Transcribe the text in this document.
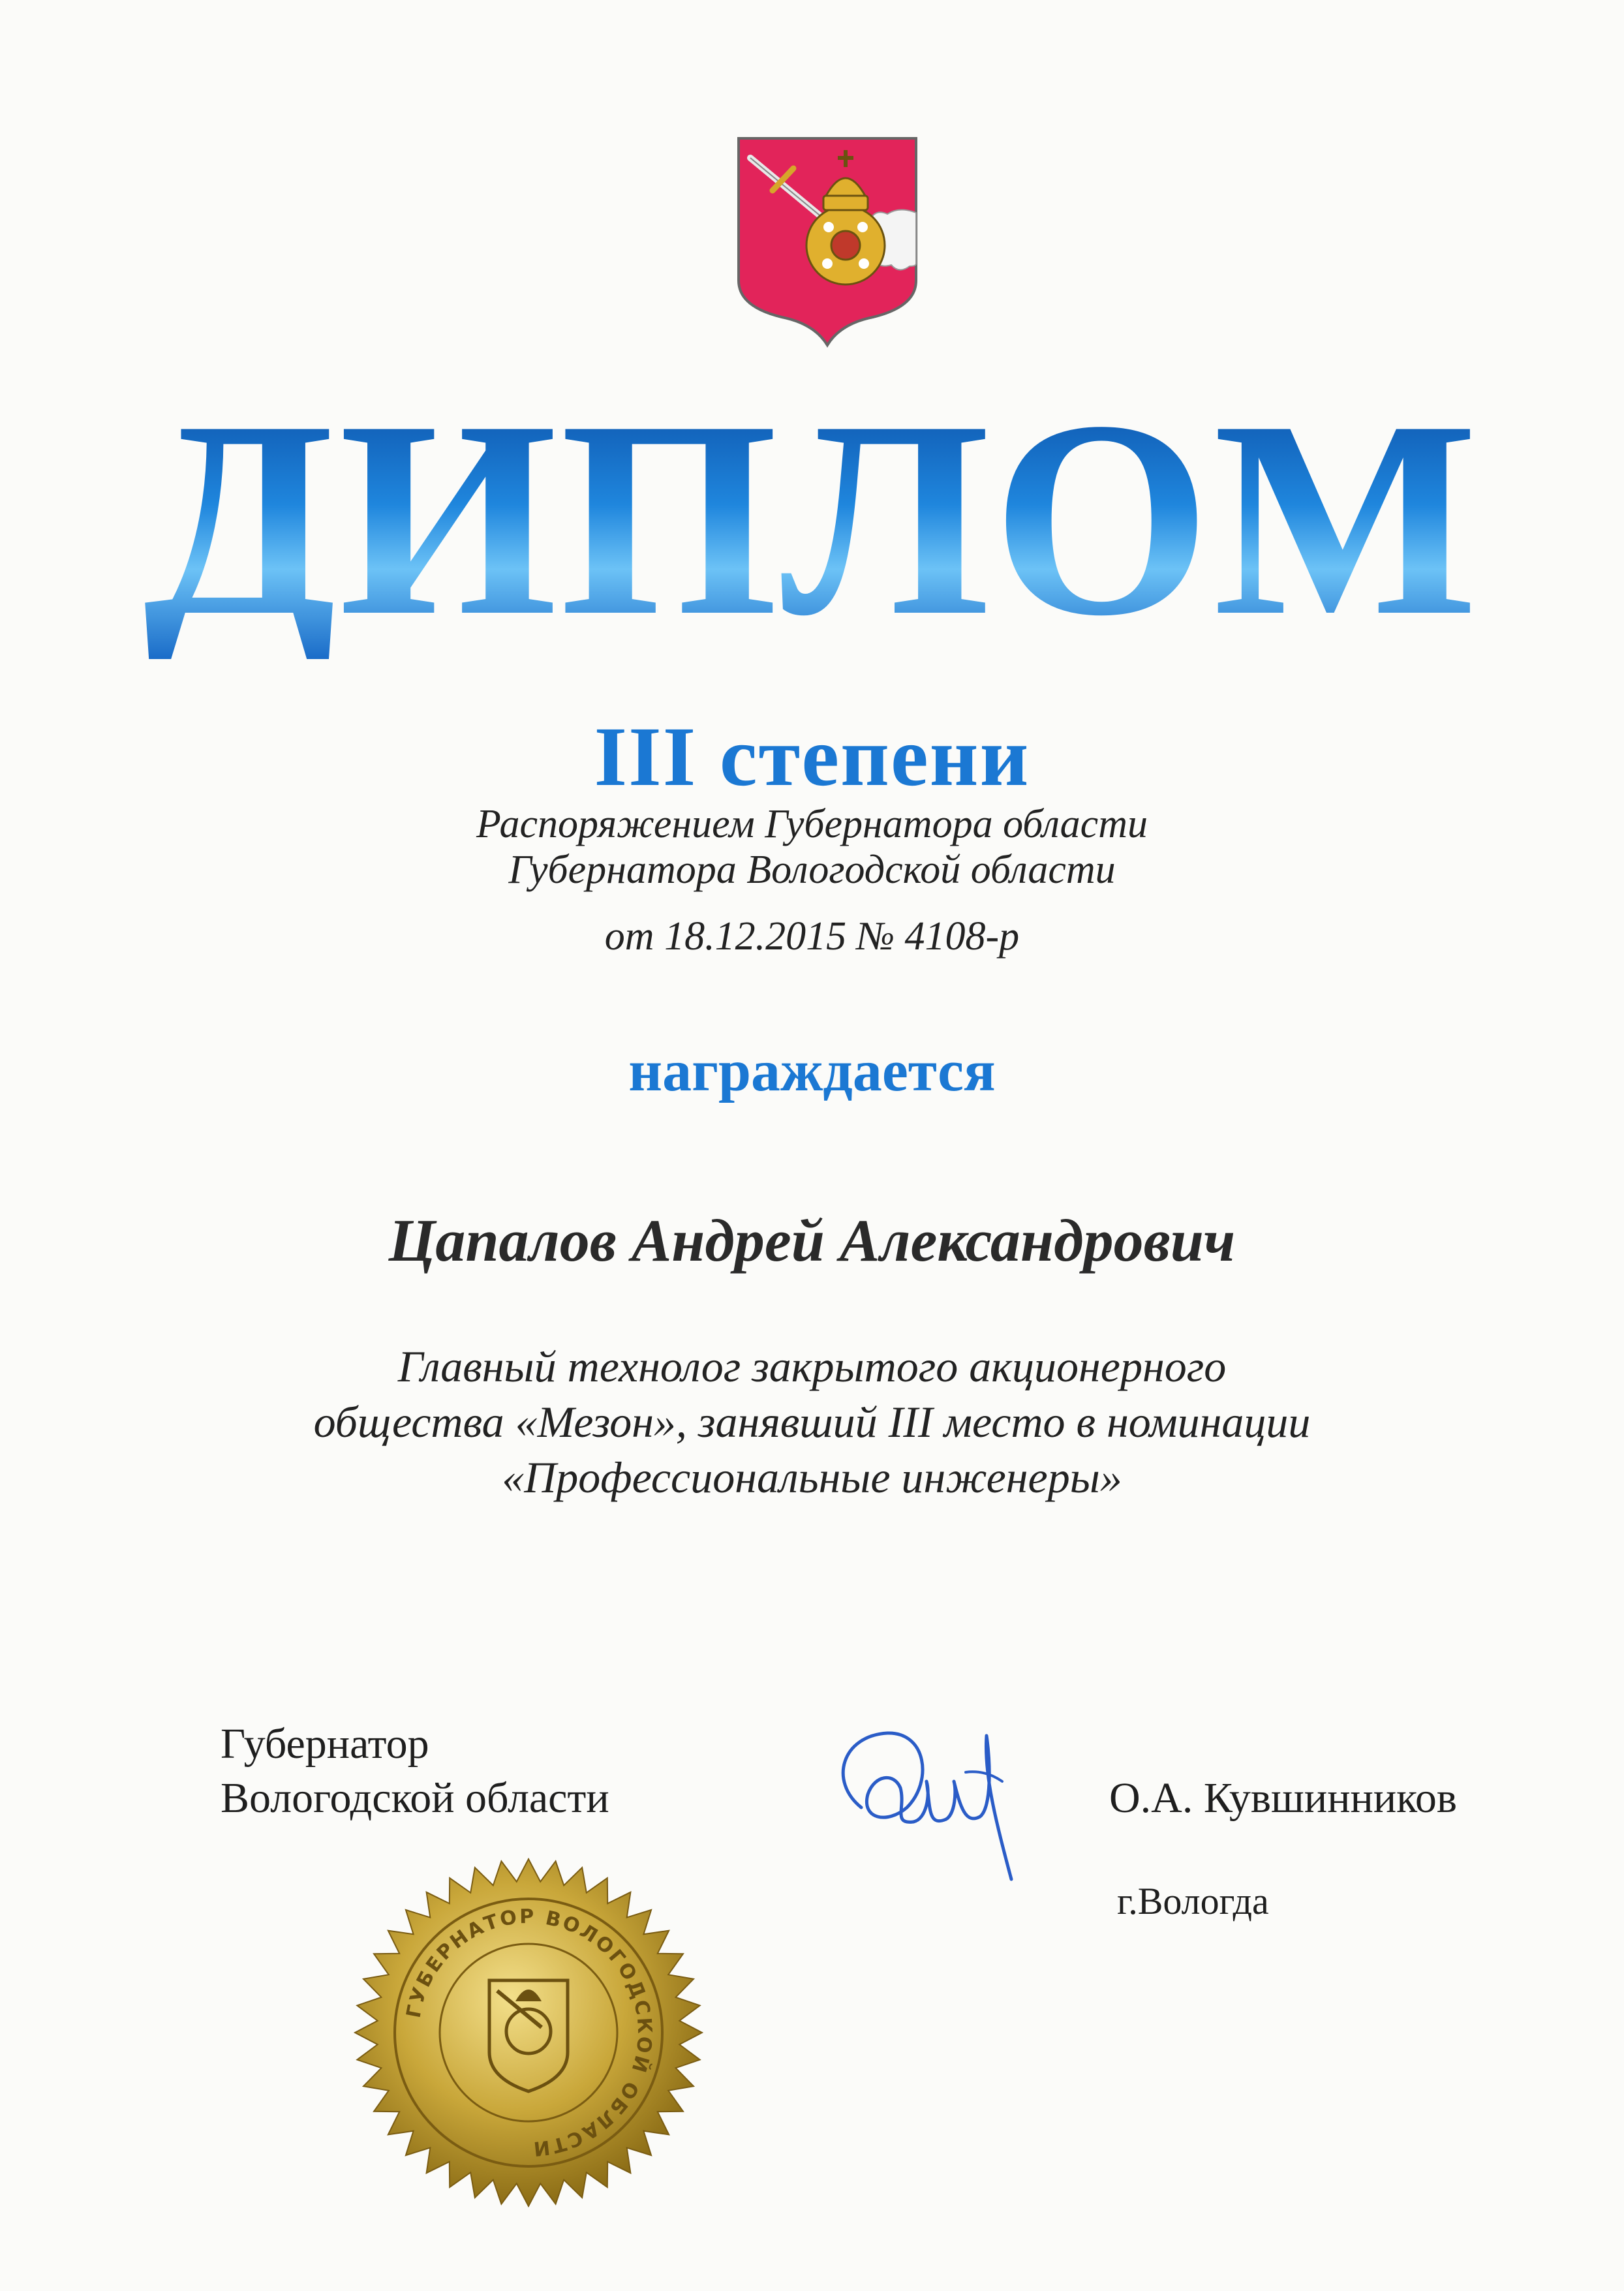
ДИПЛОМ
III степени
Распоряжением Губернатора области
Губернатора Вологодской области
от 18.12.2015 № 4108-р
награждается
Цапалов Андрей Александрович
Главный технолог закрытого акционерного
общества «Мезон», занявший III место в номинации
«Профессиональные инженеры»
Губернатор
Вологодской области	О.А. Кувшинников
г.Вологда
ГУБЕРНАТОР ВОЛОГОДСКОЙ ОБЛАСТИ
